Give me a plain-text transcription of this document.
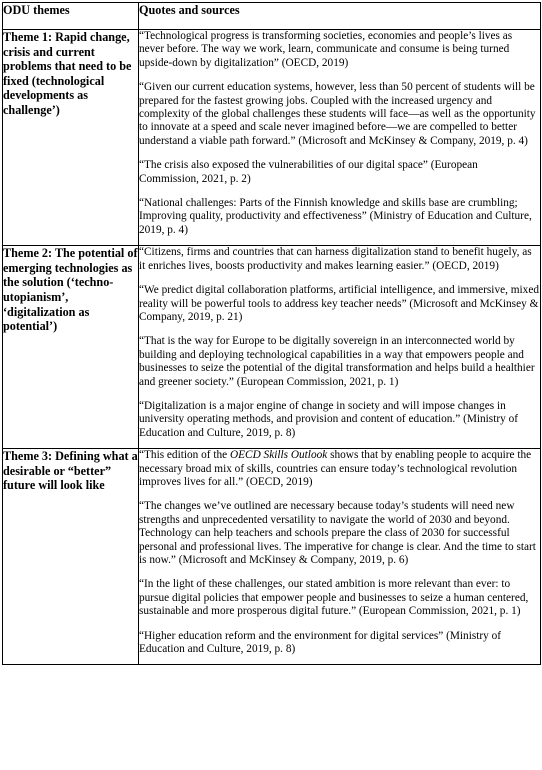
ODU themes	Quotes and sources
Theme 1: Rapid change, crisis and current problems that need to be fixed (technological developments as challenge’)	“Technological progress is transforming societies, economies and people’s lives as never before. The way we work, learn, communicate and consume is being turned upside-down by digitalization” (OECD, 2019)

“Given our current education systems, however, less than 50 percent of students will be prepared for the fastest growing jobs. Coupled with the increased urgency and complexity of the global challenges these students will face—as well as the opportunity to innovate at a speed and scale never imagined before—we are compelled to better understand a viable path forward.” (Microsoft and McKinsey & Company, 2019, p. 4)

“The crisis also exposed the vulnerabilities of our digital space” (European Commission, 2021, p. 2)

“National challenges: Parts of the Finnish knowledge and skills base are crumbling; Improving quality, productivity and effectiveness” (Ministry of Education and Culture, 2019, p. 4)

Theme 2: The potential of emerging technologies as the solution (‘techno-utopianism’, ‘digitalization as potential’)	“Citizens, firms and countries that can harness digitalization stand to benefit hugely, as it enriches lives, boosts productivity and makes learning easier.” (OECD, 2019)

“We predict digital collaboration platforms, artificial intelligence, and immersive, mixed reality will be powerful tools to address key teacher needs” (Microsoft and McKinsey & Company, 2019, p. 21)

“That is the way for Europe to be digitally sovereign in an interconnected world by building and deploying technological capabilities in a way that empowers people and businesses to seize the potential of the digital transformation and helps build a healthier and greener society.” (European Commission, 2021, p. 1)

“Digitalization is a major engine of change in society and will impose changes in university operating methods, and provision and content of education.” (Ministry of Education and Culture, 2019, p. 8)

Theme 3: Defining what a desirable or “better” future will look like	“This edition of the OECD Skills Outlook shows that by enabling people to acquire the necessary broad mix of skills, countries can ensure today’s technological revolution improves lives for all.” (OECD, 2019)

“The changes we’ve outlined are necessary because today’s students will need new strengths and unprecedented versatility to navigate the world of 2030 and beyond. Technology can help teachers and schools prepare the class of 2030 for successful personal and professional lives. The imperative for change is clear. And the time to start is now.” (Microsoft and McKinsey & Company, 2019, p. 6)

“In the light of these challenges, our stated ambition is more relevant than ever: to pursue digital policies that empower people and businesses to seize a human centered, sustainable and more prosperous digital future.” (European Commission, 2021, p. 1)

“Higher education reform and the environment for digital services” (Ministry of Education and Culture, 2019, p. 8)
